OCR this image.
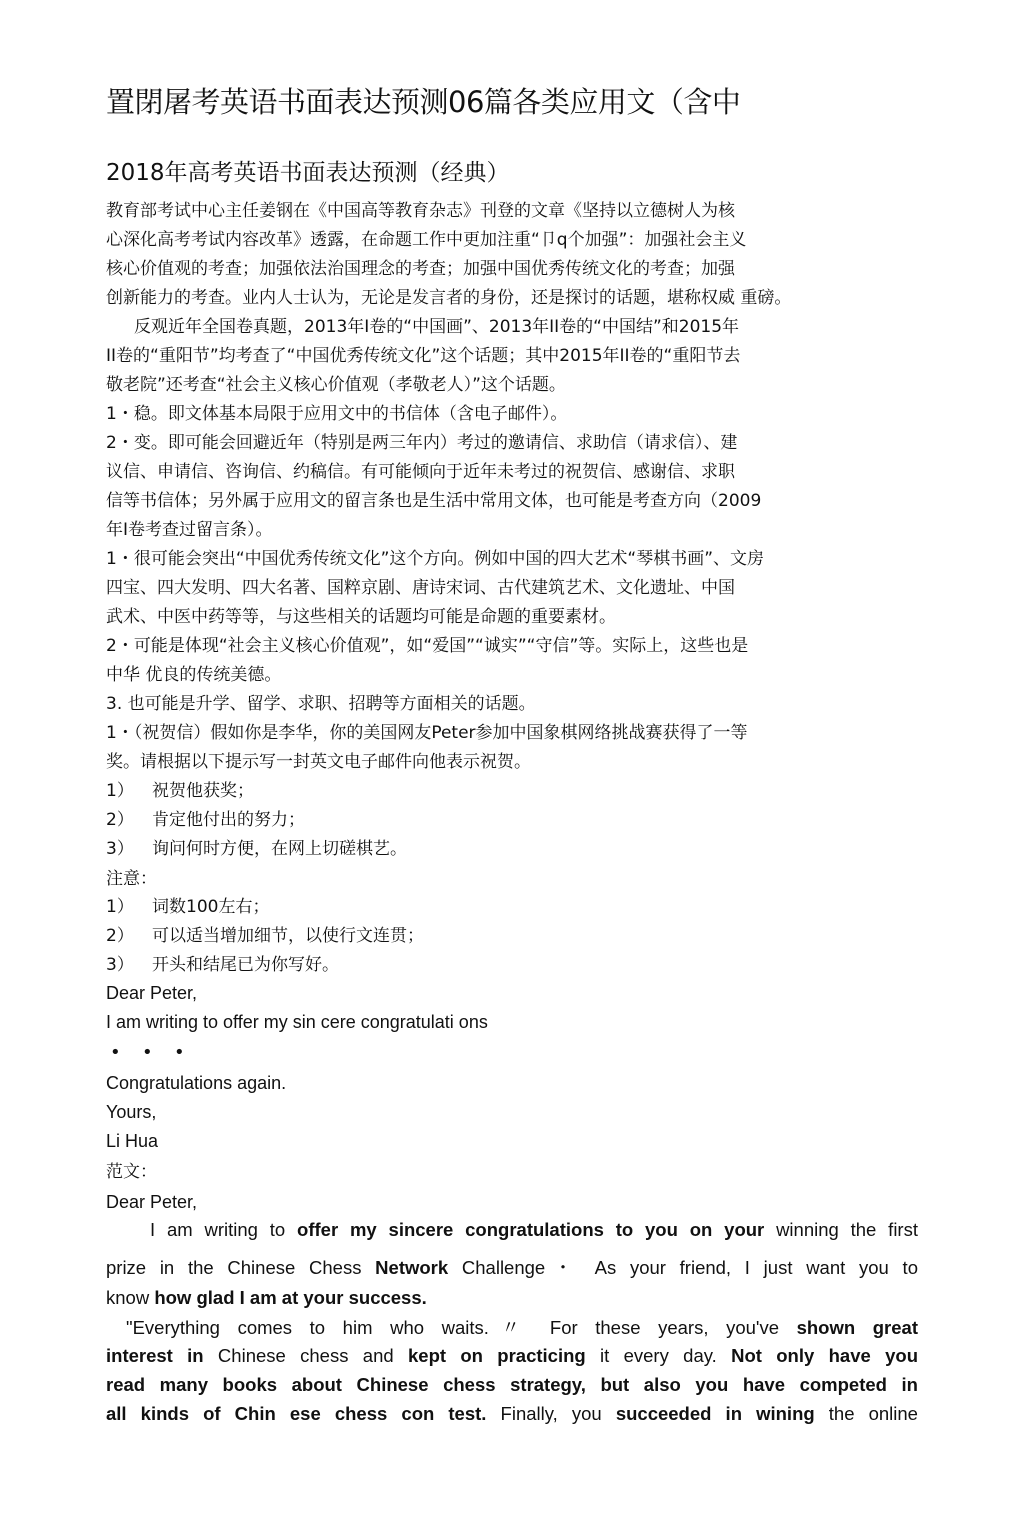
置閉屠考英语书面表达预测06篇各类应用文（含中
2018年高考英语书面表达预测（经典）
教育部考试中心主任姜钢在《中国高等教育杂志》刊登的文章《坚持以立德树人为核
心深化高考考试内容改革》透露，在命题工作中更加注重“卩q个加强”：加强社会主义
核心价值观的考查；加强依法治国理念的考查；加强中国优秀传统文化的考查；加强
创新能力的考查。业内人士认为，无论是发言者的身份，还是探讨的话题，堪称权威 重磅。
反观近年全国卷真题，2013年I卷的“中国画”、2013年II卷的“中国结”和2015年
II卷的“重阳节”均考查了“中国优秀传统文化”这个话题；其中2015年II卷的“重阳节去
敬老院”还考查“社会主义核心价值观（孝敬老人）”这个话题。
1・稳。即文体基本局限于应用文中的书信体（含电子邮件）。
2・变。即可能会回避近年（特别是两三年内）考过的邀请信、求助信（请求信）、建
议信、申请信、咨询信、约稿信。有可能倾向于近年未考过的祝贺信、感谢信、求职
信等书信体；另外属于应用文的留言条也是生活中常用文体，也可能是考查方向（2009
年I卷考查过留言条）。
1・很可能会突出“中国优秀传统文化”这个方向。例如中国的四大艺术“琴棋书画”、文房
四宝、四大发明、四大名著、国粹京剧、唐诗宋词、古代建筑艺术、文化遗址、中国
武术、中医中药等等，与这些相关的话题均可能是命题的重要素材。
2・可能是体现“社会主义核心价值观”，如“爱国”“诚实”“守信”等。实际上，这些也是
中华 优良的传统美德。
3. 也可能是升学、留学、求职、招聘等方面相关的话题。
1・（祝贺信）假如你是李华，你的美国网友Peter参加中国象棋网络挑战赛获得了一等
奖。请根据以下提示写一封英文电子邮件向他表示祝贺。
1） 祝贺他获奖；
2） 肯定他付出的努力；
3） 询问何时方便，在网上切磋棋艺。
注意：
1） 词数100左右；
2） 可以适当增加细节，以使行文连贯；
3） 开头和结尾已为你写好。
Dear Peter,
I am writing to offer my sin cere congratulati ons
• • •
Congratulations again.
Yours,
Li Hua
范文：
Dear Peter,
I am writing to offer my sincere congratulations to you on your winning the first
prize in the Chinese Chess Network Challenge・ As your friend, I just want you to
know how glad I am at your success.
"Everything comes to him who waits.〃 For these years, you've shown great
interest in Chinese chess and kept on practicing it every day. Not only have you
read many books about Chinese chess strategy, but also you have competed in
all kinds of Chin ese chess con test. Finally, you succeeded in wining the online
